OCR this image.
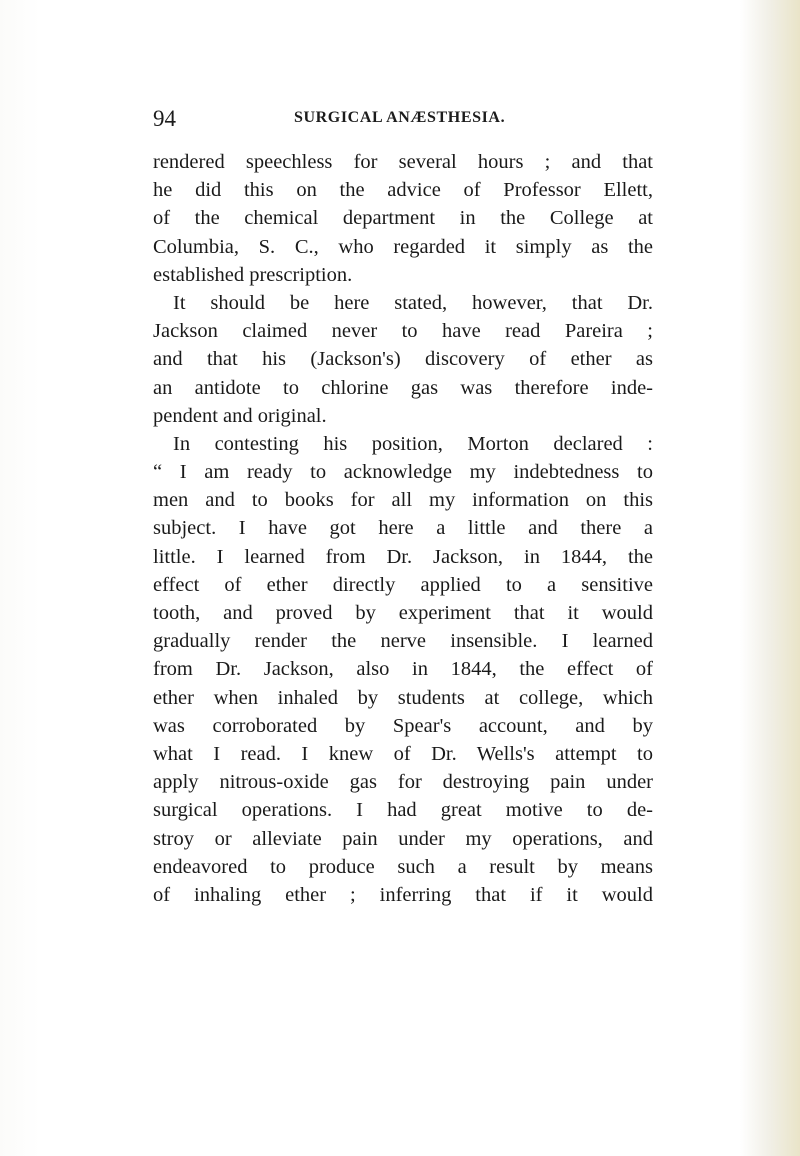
94	SURGICAL ANÆSTHESIA.
rendered speechless for several hours ; and that
he did this on the advice of Professor Ellett,
of the chemical department in the College at
Columbia, S. C., who regarded it simply as the
established prescription.
It should be here stated, however, that Dr.
Jackson claimed never to have read Pareira ;
and that his (Jackson's) discovery of ether as
an antidote to chlorine gas was therefore inde-
pendent and original.
In contesting his position, Morton declared :
“ I am ready to acknowledge my indebtedness to
men and to books for all my information on this
subject. I have got here a little and there a
little. I learned from Dr. Jackson, in 1844, the
effect of ether directly applied to a sensitive
tooth, and proved by experiment that it would
gradually render the nerve insensible. I learned
from Dr. Jackson, also in 1844, the effect of
ether when inhaled by students at college, which
was corroborated by Spear's account, and by
what I read. I knew of Dr. Wells's attempt to
apply nitrous-oxide gas for destroying pain under
surgical operations. I had great motive to de-
stroy or alleviate pain under my operations, and
endeavored to produce such a result by means
of inhaling ether ; inferring that if it would
